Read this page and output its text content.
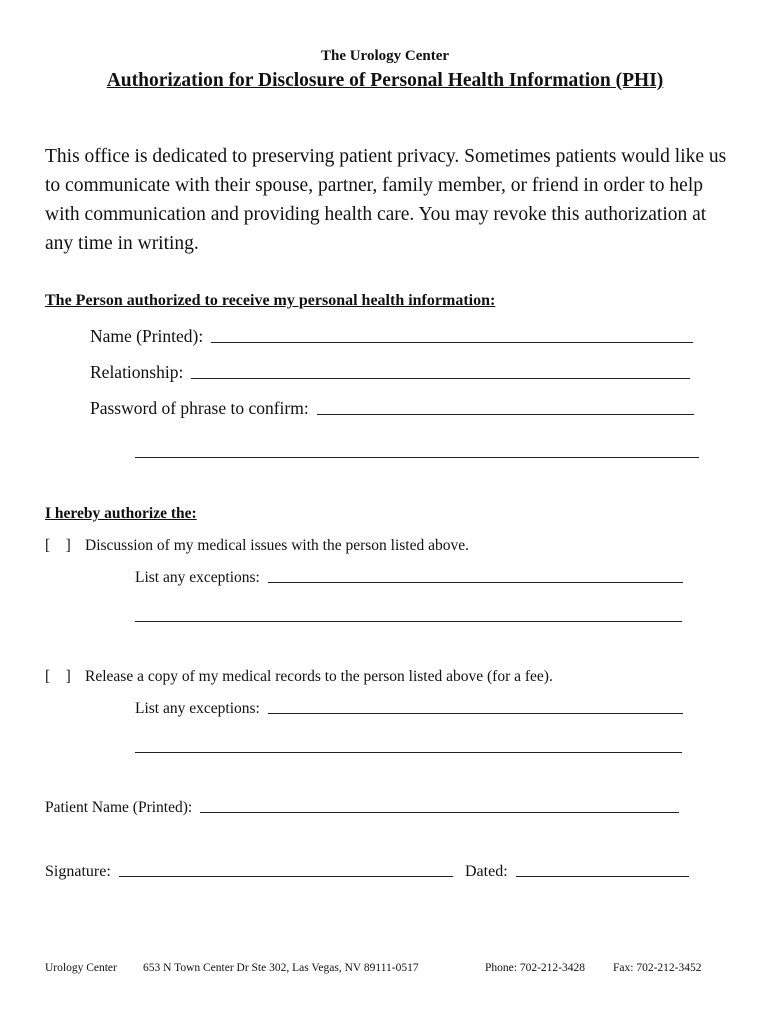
The Urology Center
Authorization for Disclosure of Personal Health Information (PHI)
This office is dedicated to preserving patient privacy. Sometimes patients would like us to communicate with their spouse, partner, family member, or friend in order to help with communication and providing health care. You may revoke this authorization at any time in writing.
The Person authorized to receive my personal health information:
Name (Printed):
Relationship:
Password of phrase to confirm:
I hereby authorize the:
[    ] Discussion of my medical issues with the person listed above.
List any exceptions:
[    ] Release a copy of my medical records to the person listed above (for a fee).
List any exceptions:
Patient Name (Printed):
Signature:	Dated:
Urology Center	653 N Town Center Dr Ste 302, Las Vegas, NV 89111-0517	Phone: 702-212-3428	Fax: 702-212-3452
